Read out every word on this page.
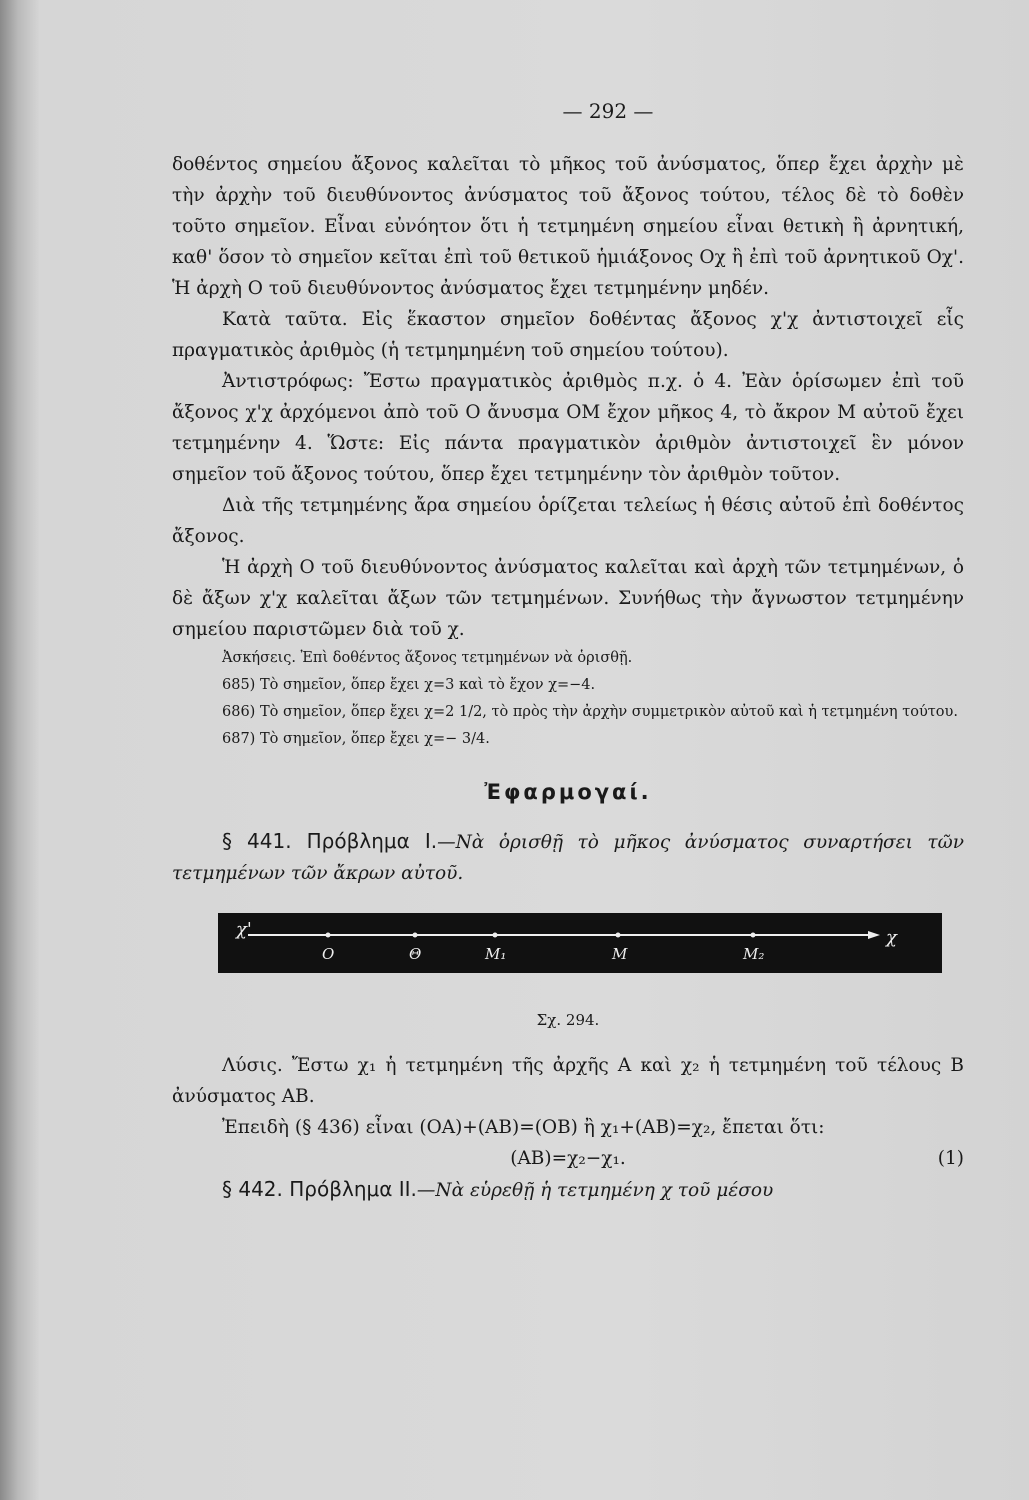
— 292 —

δοθέντος σημείου ἄξονος καλεῖται τὸ μῆκος τοῦ ἀνύσματος, ὅπερ ἔχει ἀρχὴν μὲ τὴν ἀρχὴν τοῦ διευθύνοντος ἀνύσματος τοῦ ἄξονος τούτου, τέλος δὲ τὸ δοθὲν τοῦτο σημεῖον. Εἶναι εὐνόητον ὅτι ἡ τετμημένη σημείου εἶναι θετικὴ ἢ ἀρνητική, καθ' ὅσον τὸ σημεῖον κεῖται ἐπὶ τοῦ θετικοῦ ἡμιάξονος Οχ ἢ ἐπὶ τοῦ ἀρνητικοῦ Οχ'. Ἡ ἀρχὴ Ο τοῦ διευθύνοντος ἀνύσματος ἔχει τετμημένην μηδέν.

Κατὰ ταῦτα. Εἰς ἕκαστον σημεῖον δοθέντας ἄξονος χ'χ ἀντιστοιχεῖ εἷς πραγματικὸς ἀριθμὸς (ἡ τετμημημένη τοῦ σημείου τούτου).

Ἀντιστρόφως: Ἔστω πραγματικὸς ἀριθμὸς π.χ. ὁ 4. Ἐὰν ὁρίσωμεν ἐπὶ τοῦ ἄξονος χ'χ ἀρχόμενοι ἀπὸ τοῦ Ο ἄνυσμα ΟΜ ἔχον μῆκος 4, τὸ ἄκρον Μ αὐτοῦ ἔχει τετμημένην 4. Ὥστε: Εἰς πάντα πραγματικὸν ἀριθμὸν ἀντιστοιχεῖ ἓν μόνον σημεῖον τοῦ ἄξονος τούτου, ὅπερ ἔχει τετμημένην τὸν ἀριθμὸν τοῦτον.

Διὰ τῆς τετμημένης ἄρα σημείου ὁρίζεται τελείως ἡ θέσις αὐτοῦ ἐπὶ δοθέντος ἄξονος.

Ἡ ἀρχὴ Ο τοῦ διευθύνοντος ἀνύσματος καλεῖται καὶ ἀρχὴ τῶν τετμημένων, ὁ δὲ ἄξων χ'χ καλεῖται ἄξων τῶν τετμημένων. Συνήθως τὴν ἄγνωστον τετμημένην σημείου παριστῶμεν διὰ τοῦ χ.

Ἀσκήσεις. Ἐπὶ δοθέντος ἄξονος τετμημένων νὰ ὁρισθῇ.

685) Τὸ σημεῖον, ὅπερ ἔχει χ=3 καὶ τὸ ἔχον χ=−4.

686) Τὸ σημεῖον, ὅπερ ἔχει χ=2 1/2, τὸ πρὸς τὴν ἀρχὴν συμμετρικὸν αὐτοῦ καὶ ἡ τετμημένη τούτου.

687) Τὸ σημεῖον, ὅπερ ἔχει χ=− 3/4.

Ἐφαρμογαί.

§ 441. Πρόβλημα Ι.—Νὰ ὁρισθῇ τὸ μῆκος ἀνύσματος συναρτήσει τῶν τετμημένων τῶν ἄκρων αὐτοῦ.

χ'	χ
Ο	Θ	Μ₁	Μ	Μ₂
Σχ. 294.

Λύσις. Ἔστω χ₁ ἡ τετμημένη τῆς ἀρχῆς Α καὶ χ₂ ἡ τετμημένη τοῦ τέλους Β ἀνύσματος ΑΒ.

Ἐπειδὴ (§ 436) εἶναι (ΟΑ)+(ΑΒ)=(ΟΒ) ἢ χ₁+(ΑΒ)=χ₂, ἔπεται ὅτι:

(ΑΒ)=χ₂−χ₁.	(1)

§ 442. Πρόβλημα ΙΙ.—Νὰ εὑρεθῇ ἡ τετμημένη χ τοῦ μέσου
